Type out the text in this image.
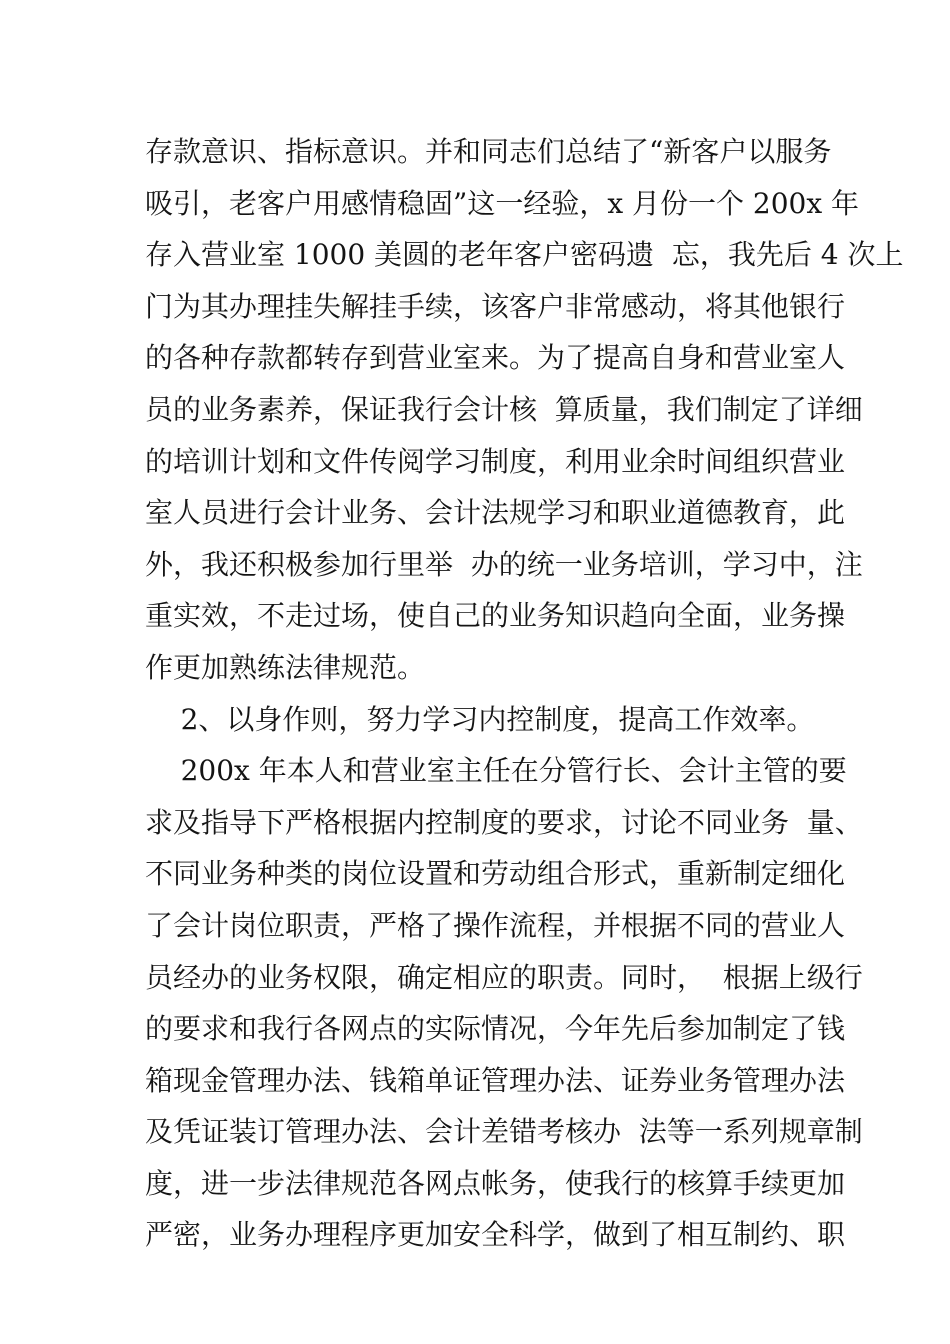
存款意识、指标意识。并和同志们总结了“新客户以服务
吸引，老客户用感情稳固”这一经验，x 月份一个 200x 年
存入营业室 1000 美圆的老年客户密码遗  忘，我先后 4 次上
门为其办理挂失解挂手续，该客户非常感动，将其他银行
的各种存款都转存到营业室来。为了提高自身和营业室人
员的业务素养，保证我行会计核  算质量，我们制定了详细
的培训计划和文件传阅学习制度，利用业余时间组织营业
室人员进行会计业务、会计法规学习和职业道德教育，此
外，我还积极参加行里举  办的统一业务培训，学习中，注
重实效，不走过场，使自己的业务知识趋向全面，业务操
作更加熟练法律规范。
2、以身作则，努力学习内控制度，提高工作效率。
200x 年本人和营业室主任在分管行长、会计主管的要
求及指导下严格根据内控制度的要求，讨论不同业务  量、
不同业务种类的岗位设置和劳动组合形式，重新制定细化
了会计岗位职责，严格了操作流程，并根据不同的营业人
员经办的业务权限，确定相应的职责。同时，  根据上级行
的要求和我行各网点的实际情况，今年先后参加制定了钱
箱现金管理办法、钱箱单证管理办法、证券业务管理办法
及凭证装订管理办法、会计差错考核办  法等一系列规章制
度，进一步法律规范各网点帐务，使我行的核算手续更加
严密，业务办理程序更加安全科学，做到了相互制约、职
